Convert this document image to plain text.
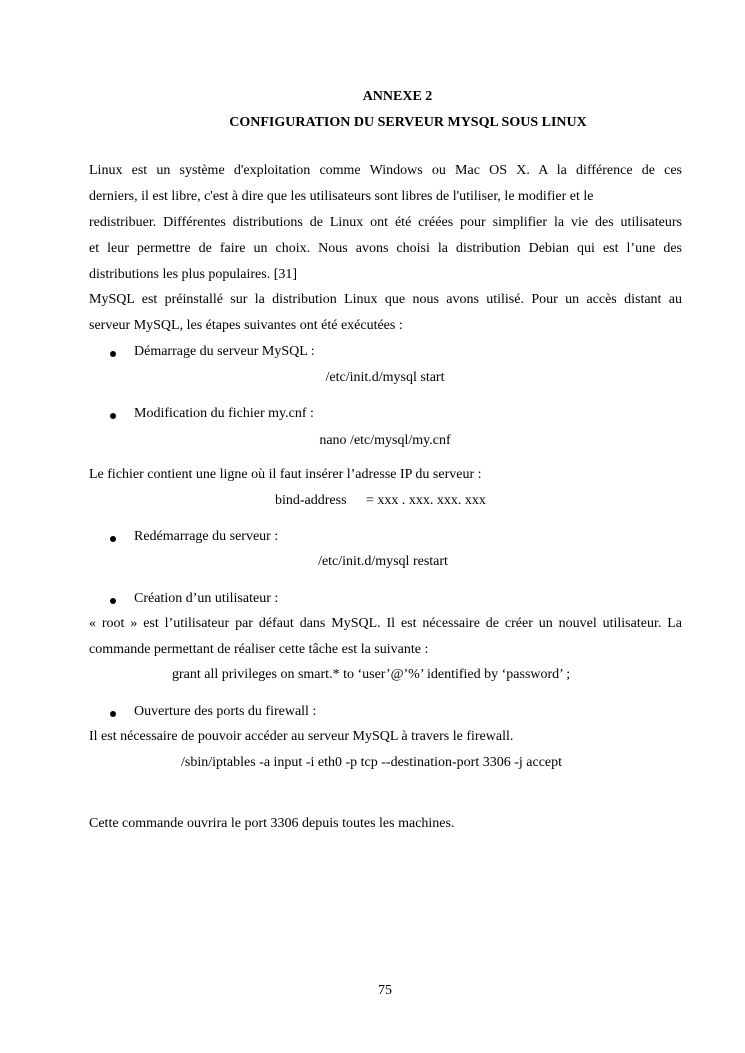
ANNEXE 2
CONFIGURATION DU SERVEUR MYSQL SOUS LINUX
Linux est un système d'exploitation comme Windows ou Mac OS X. A la différence de ces
derniers, il est libre, c'est à dire que les utilisateurs sont libres de l'utiliser, le modifier et le
redistribuer. Différentes distributions de Linux ont été créées pour simplifier la vie des utilisateurs
et leur permettre de faire un choix. Nous avons choisi la distribution Debian qui est l’une des
distributions les plus populaires. [31]
MySQL est préinstallé sur la distribution Linux que nous avons utilisé. Pour un accès distant au
serveur MySQL, les étapes suivantes ont été exécutées :
Démarrage du serveur MySQL :
/etc/init.d/mysql start
Modification du fichier my.cnf :
nano /etc/mysql/my.cnf
Le fichier contient une ligne où il faut insérer l’adresse IP du serveur :
bind-address = xxx . xxx. xxx. xxx
Redémarrage du serveur :
/etc/init.d/mysql restart
Création d’un utilisateur :
« root » est l’utilisateur par défaut dans MySQL. Il est nécessaire de créer un nouvel utilisateur. La
commande permettant de réaliser cette tâche est la suivante :
grant all privileges on smart.* to ‘user’@’%’ identified by ‘password’ ;
Ouverture des ports du firewall :
Il est nécessaire de pouvoir accéder au serveur MySQL à travers le firewall.
/sbin/iptables -a input -i eth0 -p tcp --destination-port 3306 -j accept
Cette commande ouvrira le port 3306 depuis toutes les machines.
75
